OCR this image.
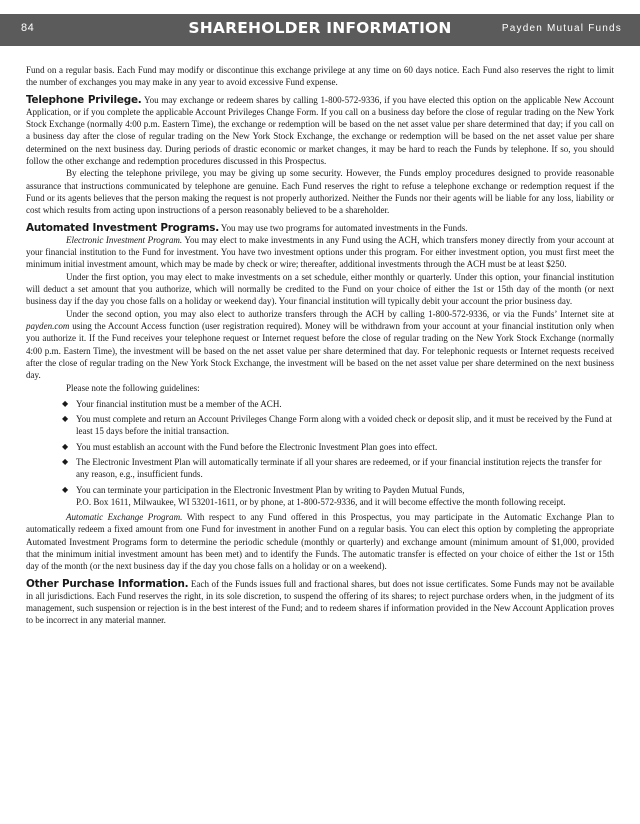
84	SHAREHOLDER INFORMATION	Payden Mutual Funds

Fund on a regular basis. Each Fund may modify or discontinue this exchange privilege at any time on 60 days notice. Each Fund also reserves the right to limit the number of exchanges you may make in any year to avoid excessive Fund expense.

Telephone Privilege. You may exchange or redeem shares by calling 1-800-572-9336, if you have elected this option on the applicable New Account Application, or if you complete the applicable Account Privileges Change Form. If you call on a business day before the close of regular trading on the New York Stock Exchange (normally 4:00 p.m. Eastern Time), the exchange or redemption will be based on the net asset value per share determined that day; if you call on a business day after the close of regular trading on the New York Stock Exchange, the exchange or redemption will be based on the net asset value per share determined on the next business day. During periods of drastic economic or market changes, it may be hard to reach the Funds by telephone. If so, you should follow the other exchange and redemption procedures discussed in this Prospectus.

By electing the telephone privilege, you may be giving up some security. However, the Funds employ procedures designed to provide reasonable assurance that instructions communicated by telephone are genuine. Each Fund reserves the right to refuse a telephone exchange or redemption request if the Fund or its agents believes that the person making the request is not properly authorized. Neither the Funds nor their agents will be liable for any loss, liability or cost which results from acting upon instructions of a person reasonably believed to be a shareholder.

Automated Investment Programs. You may use two programs for automated investments in the Funds.

Electronic Investment Program. You may elect to make investments in any Fund using the ACH, which transfers money directly from your account at your financial institution to the Fund for investment. You have two investment options under this program. For either investment option, you must first meet the minimum initial investment amount, which may be made by check or wire; thereafter, additional investments through the ACH must be at least $250.

Under the first option, you may elect to make investments on a set schedule, either monthly or quarterly. Under this option, your financial institution will deduct a set amount that you authorize, which will normally be credited to the Fund on your choice of either the 1st or 15th day of the month (or next business day if the day you chose falls on a holiday or weekend day). Your financial institution will typically debit your account the prior business day.

Under the second option, you may also elect to authorize transfers through the ACH by calling 1-800-572-9336, or via the Funds’ Internet site at payden.com using the Account Access function (user registration required). Money will be withdrawn from your account at your financial institution only when you authorize it. If the Fund receives your telephone request or Internet request before the close of regular trading on the New York Stock Exchange (normally 4:00 p.m. Eastern Time), the investment will be based on the net asset value per share determined that day. For telephonic requests or Internet requests received after the close of regular trading on the New York Stock Exchange, the investment will be based on the net asset value per share determined on the next business day.

Please note the following guidelines:

◆ Your financial institution must be a member of the ACH.
◆ You must complete and return an Account Privileges Change Form along with a voided check or deposit slip, and it must be received by the Fund at least 15 days before the initial transaction.
◆ You must establish an account with the Fund before the Electronic Investment Plan goes into effect.
◆ The Electronic Investment Plan will automatically terminate if all your shares are redeemed, or if your financial institution rejects the transfer for any reason, e.g., insufficient funds.
◆ You can terminate your participation in the Electronic Investment Plan by writing to Payden Mutual Funds,
P.O. Box 1611, Milwaukee, WI 53201-1611, or by phone, at 1-800-572-9336, and it will become effective the month following receipt.

Automatic Exchange Program. With respect to any Fund offered in this Prospectus, you may participate in the Automatic Exchange Plan to automatically redeem a fixed amount from one Fund for investment in another Fund on a regular basis. You can elect this option by completing the appropriate Automated Investment Programs form to determine the periodic schedule (monthly or quarterly) and exchange amount (minimum amount of $1,000, provided that the minimum initial investment amount has been met) and to identify the Funds. The automatic transfer is effected on your choice of either the 1st or 15th day of the month (or the next business day if the day you chose falls on a holiday or on a weekend).

Other Purchase Information. Each of the Funds issues full and fractional shares, but does not issue certificates. Some Funds may not be available in all jurisdictions. Each Fund reserves the right, in its sole discretion, to suspend the offering of its shares; to reject purchase orders when, in the judgment of its management, such suspension or rejection is in the best interest of the Fund; and to redeem shares if information provided in the New Account Application proves to be incorrect in any material manner.
